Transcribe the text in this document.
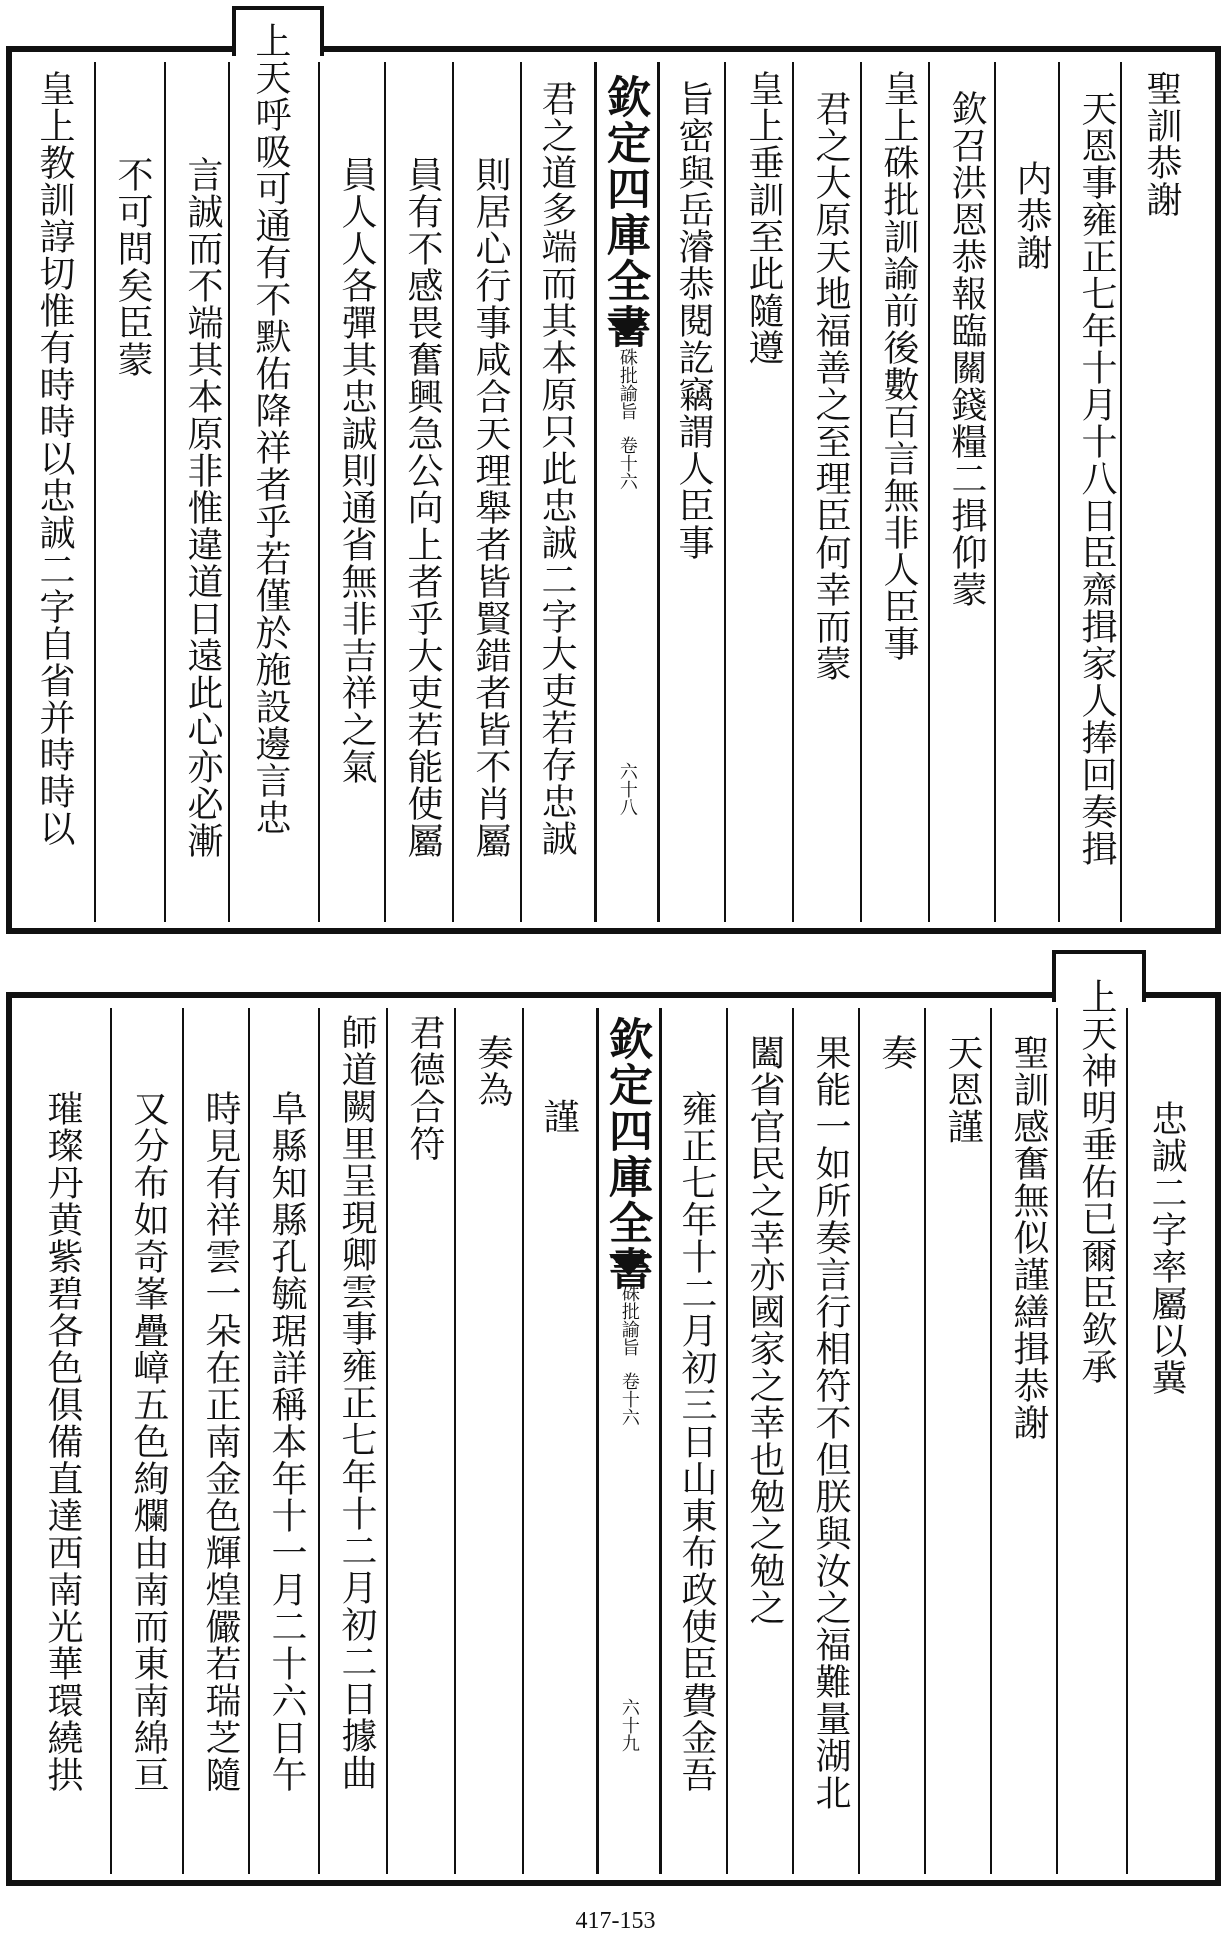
聖訓恭謝
天恩事雍正七年十月十八日臣齋揖家人捧回奏揖
内恭謝
欽召洪恩恭報臨關錢糧二揖仰蒙
皇上硃批訓諭前後數百言無非人臣事
君之大原天地福善之至理臣何幸而蒙
皇上垂訓至此隨遵
旨密與岳濬恭閱訖竊謂人臣事
欽定四庫全書
硃批諭旨
卷十六
六十八
君之道多端而其本原只此忠誠二字大吏若存忠誠
則居心行事咸合天理舉者皆賢錯者皆不肖屬
員有不感畏奮興急公向上者乎大吏若能使屬
員人人各彈其忠誠則通省無非吉祥之氣
上天呼吸可通有不默佑降祥者乎若僅於施設邊言忠
言誠而不端其本原非惟違道日遠此心亦必漸
不可問矣臣蒙
皇上教訓諄切惟有時時以忠誠二字自省并時時以
忠誠二字率屬以冀
上天神明垂佑已爾臣欽承
聖訓感奮無似謹繕揖恭謝
天恩謹
奏
果能一如所奏言行相符不但朕與汝之福難量湖北
闔省官民之幸亦國家之幸也勉之勉之
雍正七年十二月初三日山東布政使臣費金吾
欽定四庫全書
硃批諭旨
卷十六
六十九
謹
奏為
君德合符
師道闕里呈現卿雲事雍正七年十二月初二日據曲
阜縣知縣孔毓琚詳稱本年十一月二十六日午
時見有祥雲一朵在正南金色輝煌儼若瑞芝隨
又分布如奇峯疊嶂五色絢爛由南而東南綿亘
璀璨丹黄紫碧各色俱備直達西南光華環繞拱
417-153
